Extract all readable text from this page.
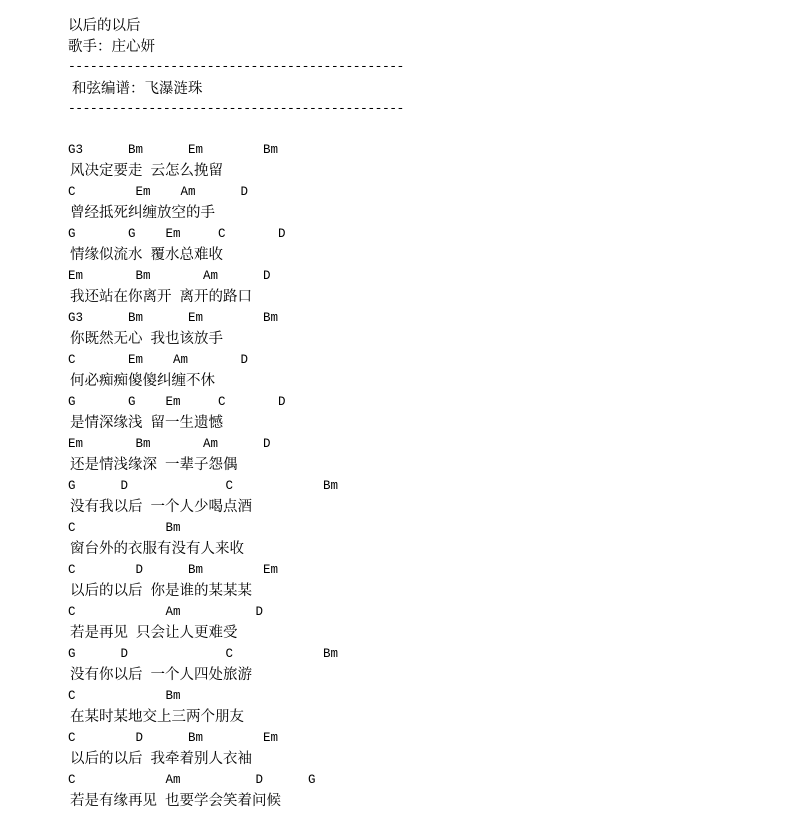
以后的以后
歌手：庄心妍
----------------------------------------------
和弦编谱：飞瀑涟珠
----------------------------------------------
G3      Bm      Em        Bm
风决定要走  云怎么挽留
C        Em    Am      D
曾经抵死纠缠放空的手
G       G    Em     C       D
情缘似流水  覆水总难收
Em       Bm       Am      D
我还站在你离开  离开的路口
G3      Bm      Em        Bm
你既然无心  我也该放手
C       Em    Am       D
何必痴痴傻傻纠缠不休
G       G    Em     C       D
是情深缘浅  留一生遗憾
Em       Bm       Am      D
还是情浅缘深  一辈子怨偶
G      D             C            Bm
没有我以后  一个人少喝点酒
C            Bm
窗台外的衣服有没有人来收
C        D      Bm        Em
以后的以后  你是谁的某某某
C            Am          D
若是再见  只会让人更难受
G      D             C            Bm
没有你以后  一个人四处旅游
C            Bm
在某时某地交上三两个朋友
C        D      Bm        Em
以后的以后  我牵着别人衣袖
C            Am          D      G
若是有缘再见  也要学会笑着问候
